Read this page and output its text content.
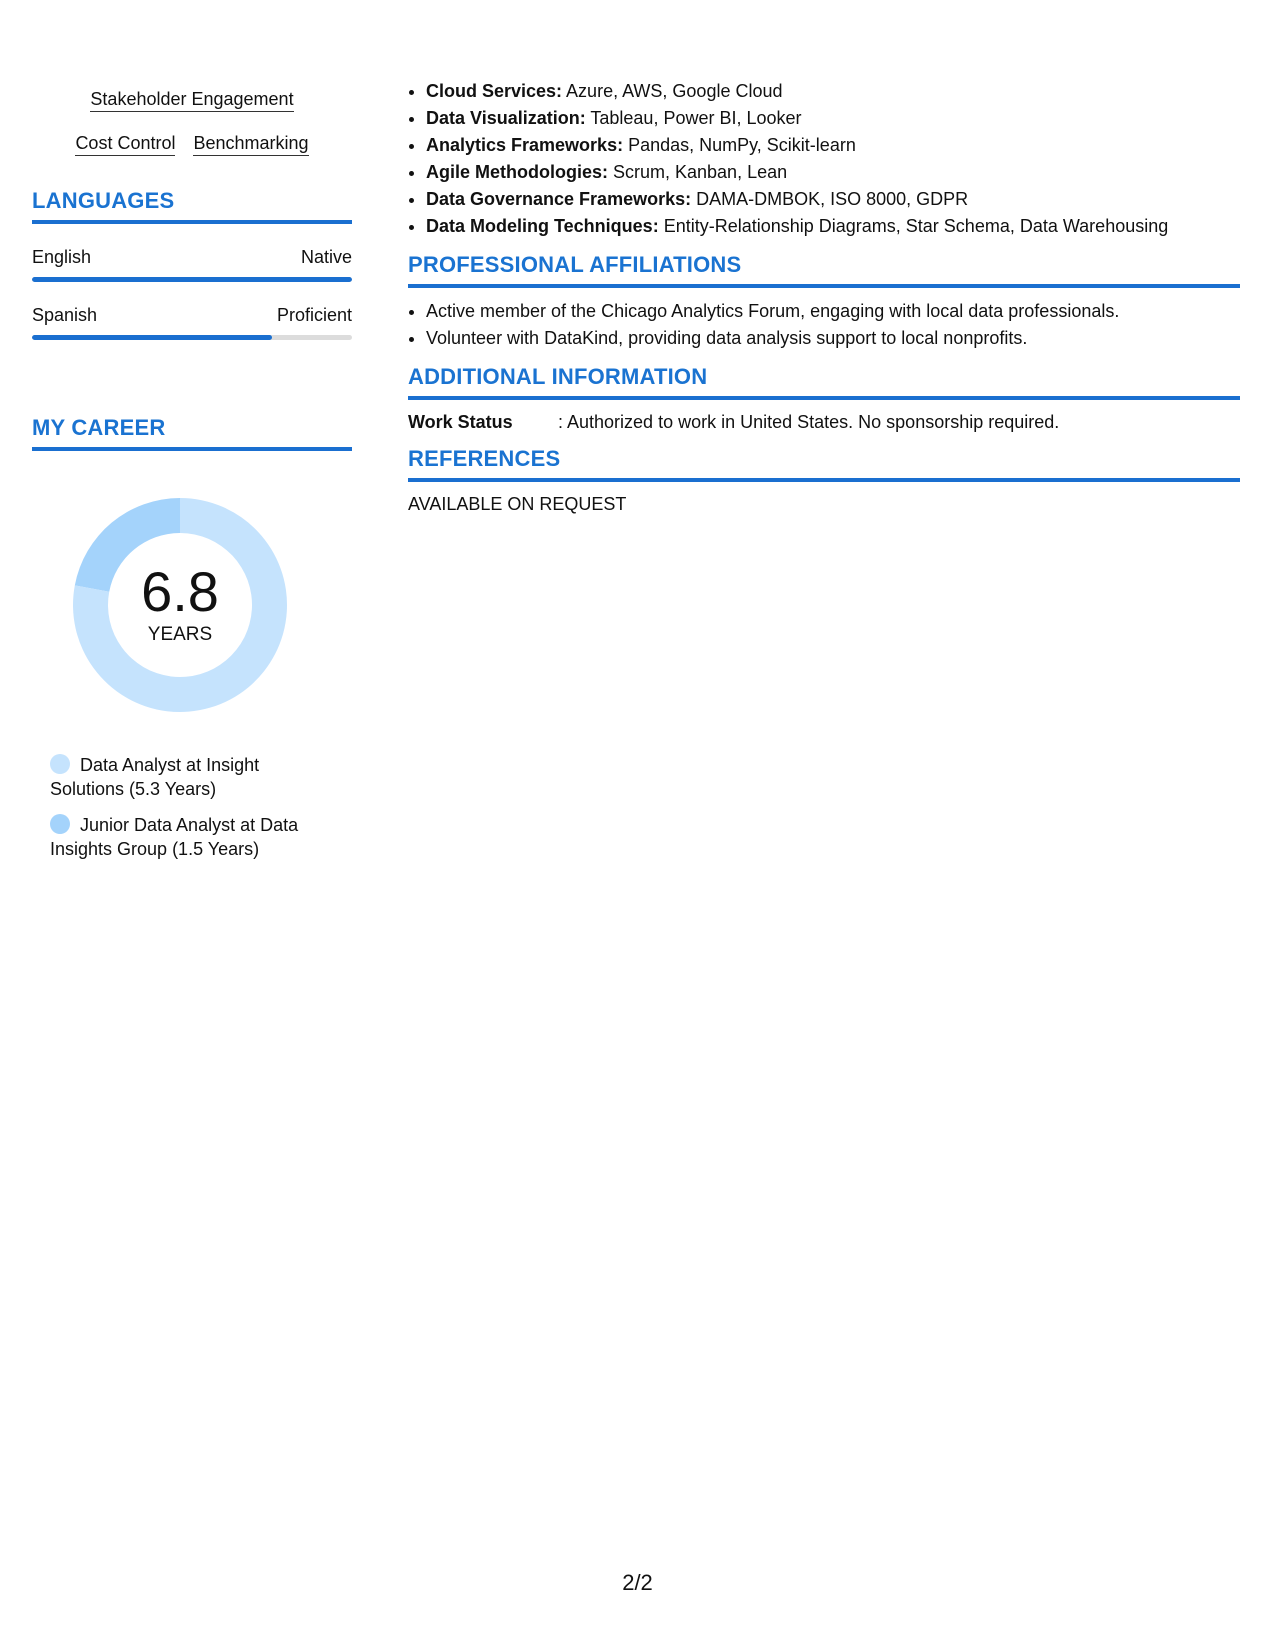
Stakeholder Engagement
Cost Control Benchmarking
LANGUAGES
English	Native
Spanish	Proficient
MY CAREER
6.8
YEARS
Data Analyst at Insight Solutions (5.3 Years)
Junior Data Analyst at Data Insights Group (1.5 Years)
• Cloud Services: Azure, AWS, Google Cloud
• Data Visualization: Tableau, Power BI, Looker
• Analytics Frameworks: Pandas, NumPy, Scikit-learn
• Agile Methodologies: Scrum, Kanban, Lean
• Data Governance Frameworks: DAMA-DMBOK, ISO 8000, GDPR
• Data Modeling Techniques: Entity-Relationship Diagrams, Star Schema, Data Warehousing
PROFESSIONAL AFFILIATIONS
• Active member of the Chicago Analytics Forum, engaging with local data professionals.
• Volunteer with DataKind, providing data analysis support to local nonprofits.
ADDITIONAL INFORMATION
Work Status	: Authorized to work in United States. No sponsorship required.
REFERENCES
AVAILABLE ON REQUEST
2/2
